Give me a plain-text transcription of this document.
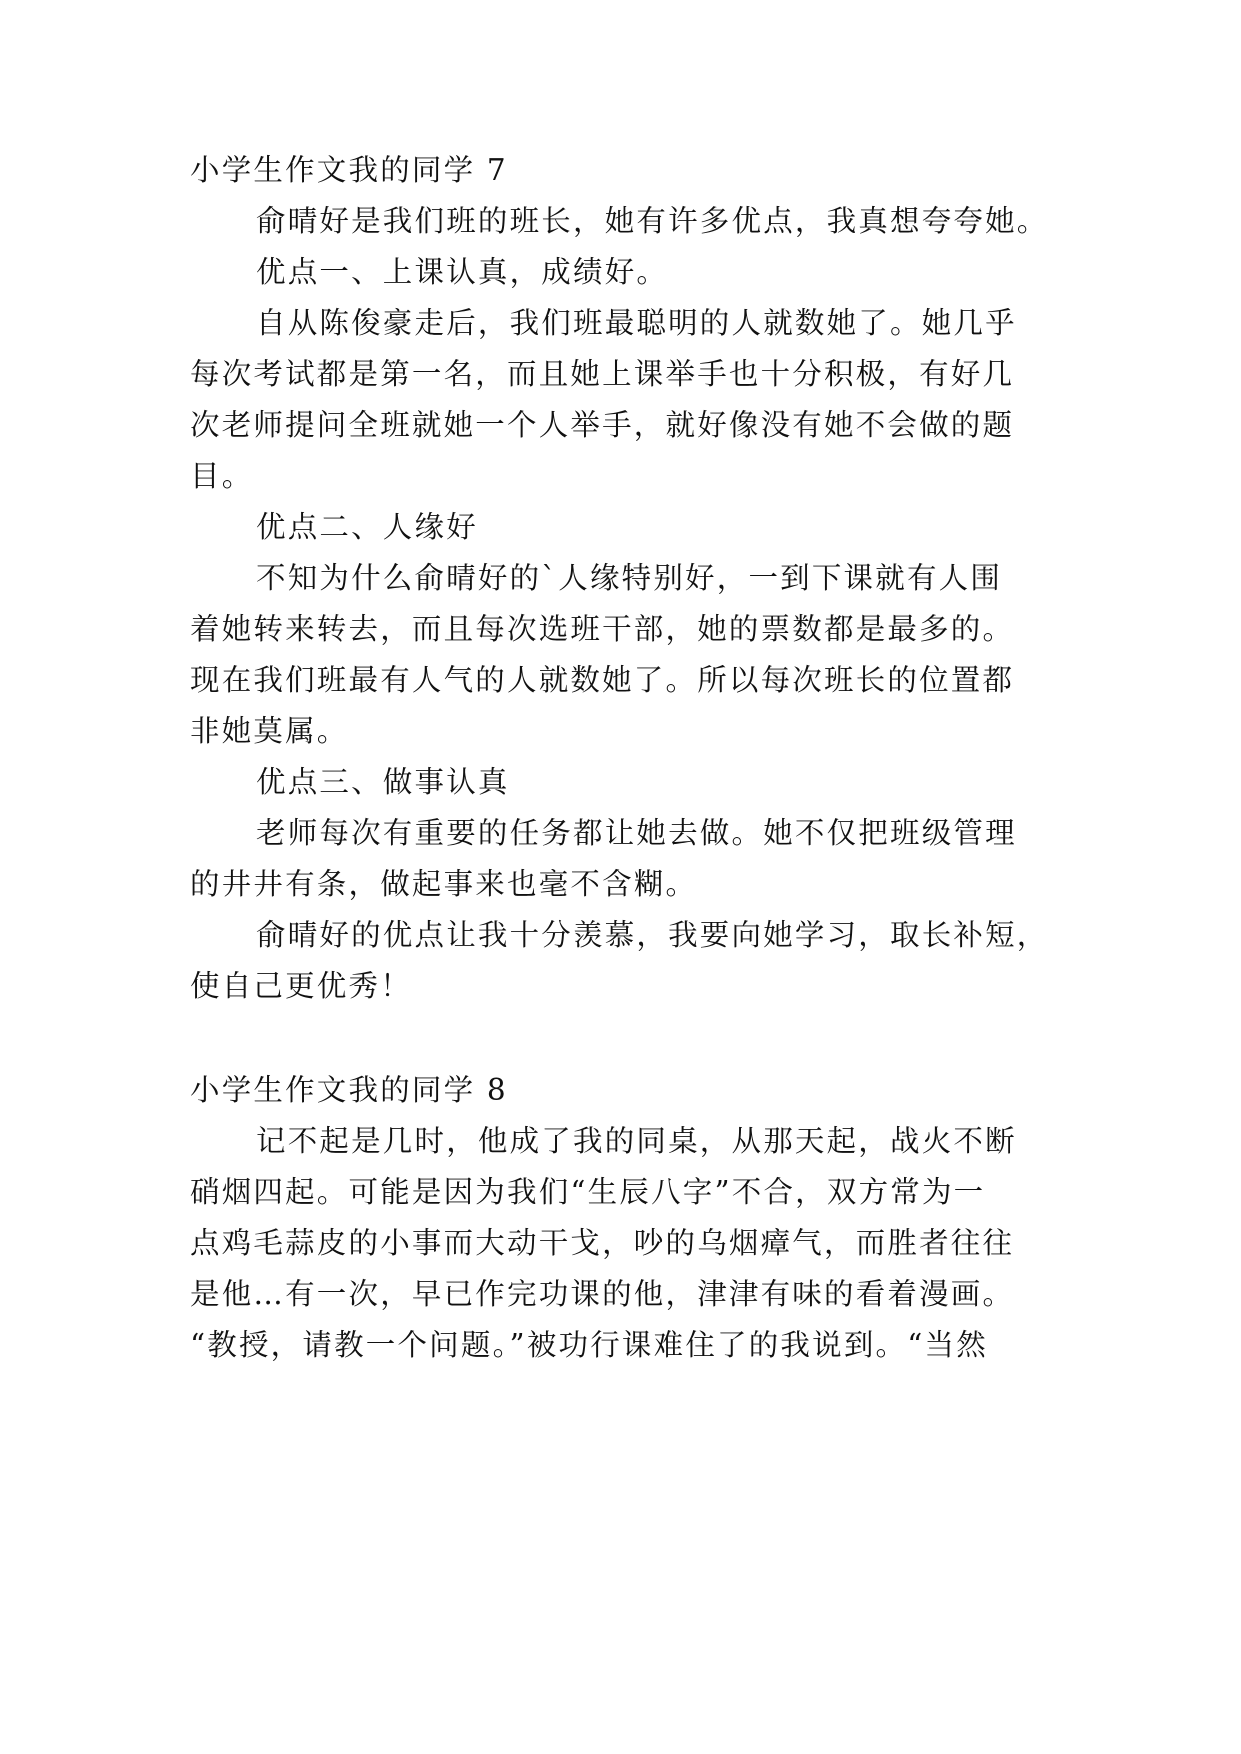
小学生作文我的同学 7
俞晴好是我们班的班长，她有许多优点，我真想夸夸她。
优点一、上课认真，成绩好。
自从陈俊豪走后，我们班最聪明的人就数她了。她几乎
每次考试都是第一名，而且她上课举手也十分积极，有好几
次老师提问全班就她一个人举手，就好像没有她不会做的题
目。
优点二、人缘好
不知为什么俞晴好的`人缘特别好，一到下课就有人围
着她转来转去，而且每次选班干部，她的票数都是最多的。
现在我们班最有人气的人就数她了。所以每次班长的位置都
非她莫属。
优点三、做事认真
老师每次有重要的任务都让她去做。她不仅把班级管理
的井井有条，做起事来也毫不含糊。
俞晴好的优点让我十分羡慕，我要向她学习，取长补短，
使自己更优秀！
小学生作文我的同学 8
记不起是几时，他成了我的同桌，从那天起，战火不断
硝烟四起。可能是因为我们“生辰八字”不合，双方常为一
点鸡毛蒜皮的小事而大动干戈，吵的乌烟瘴气，而胜者往往
是他…有一次，早已作完功课的他，津津有味的看着漫画。
“教授，请教一个问题。”被功行课难住了的我说到。“当然
